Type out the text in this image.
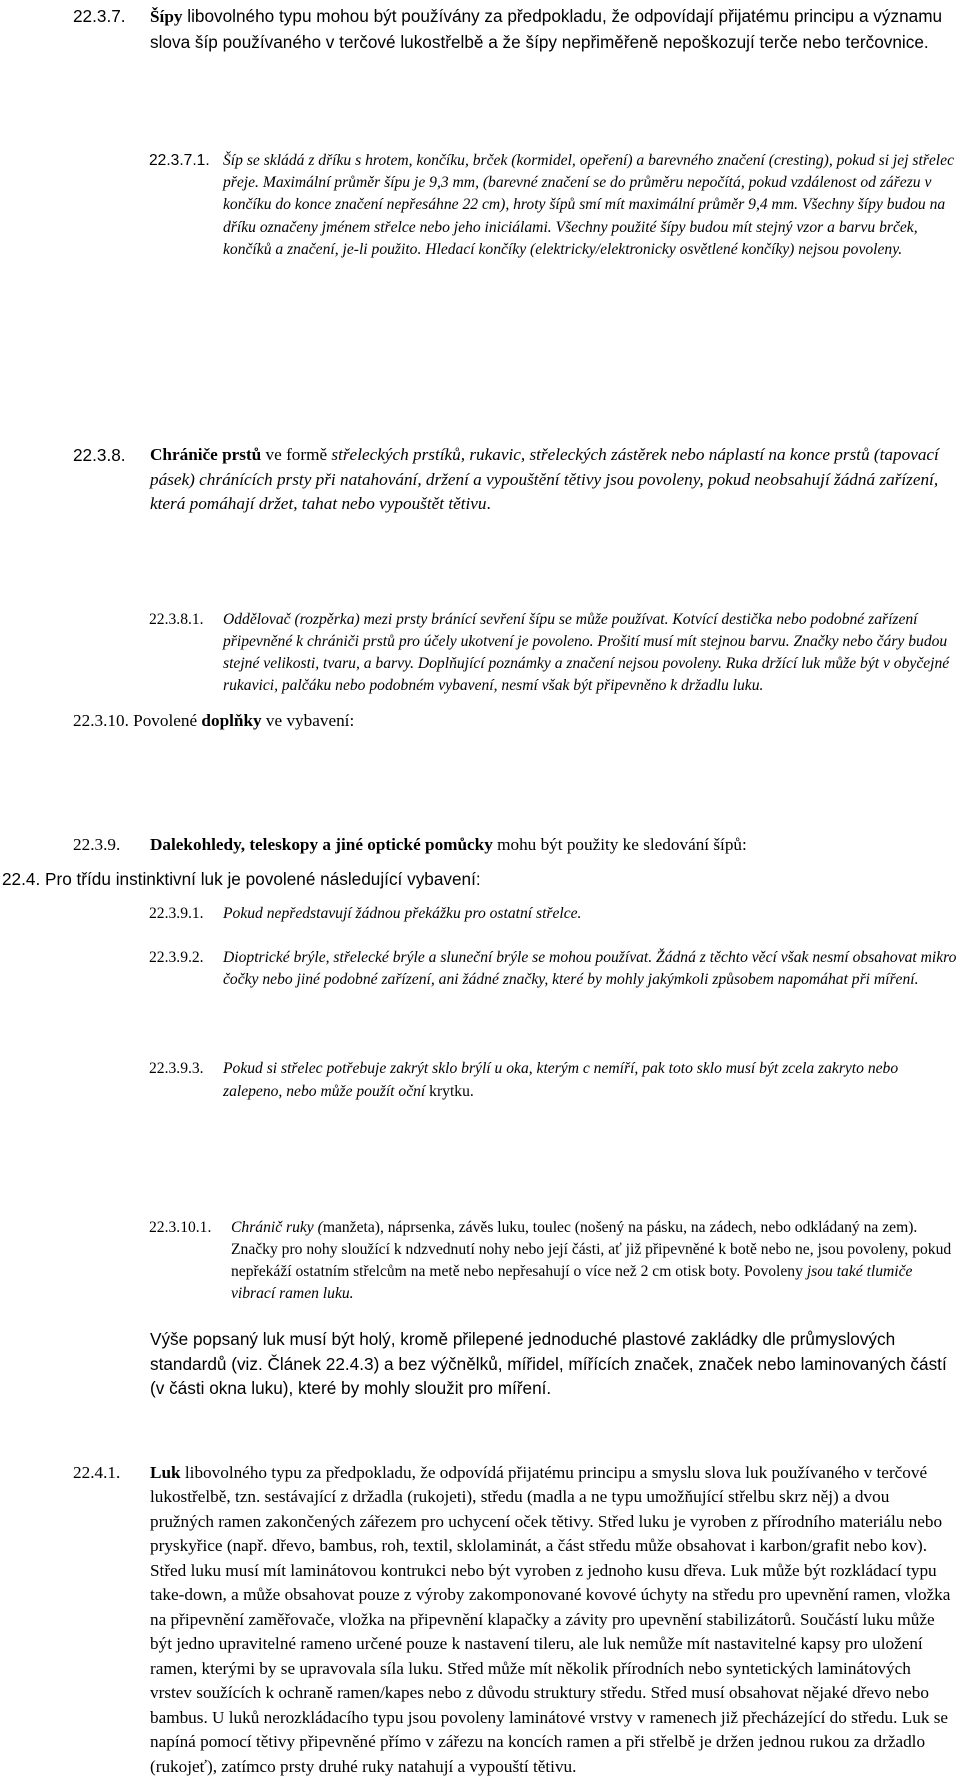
22.3.7. Šípy libovolného typu mohou být používány za předpokladu, že odpovídají přijatému principu a významu slova šíp používaného v terčové lukostřelbě a že šípy nepřiměřeně nepoškozují terče nebo terčovnice.
22.3.7.1. Šíp se skládá z dříku s hrotem, končíku, brček (kormidel, opeření) a barevného značení (cresting), pokud si jej střelec přeje. Maximální průměr šípu je 9,3 mm, (barevné značení se do průměru nepočítá, pokud vzdálenost od zářezu v končíku do konce značení nepřesáhne 22 cm), hroty šípů smí mít maximální průměr 9,4 mm. Všechny šípy budou na dříku označeny jménem střelce nebo jeho iniciálami. Všechny použité šípy budou mít stejný vzor a barvu brček, končíků a značení, je-li použito. Hledací končíky (elektricky/elektronicky osvětlené končíky) nejsou povoleny.
22.3.8. Chrániče prstů ve formě střeleckých prstíků, rukavic, střeleckých zástěrek nebo náplastí na konce prstů (tapovací pásek) chránících prsty při natahování, držení a vypouštění tětivy jsou povoleny, pokud neobsahují žádná zařízení, která pomáhají držet, tahat nebo vypouštět tětivu.
22.3.8.1. Oddělovač (rozpěrka) mezi prsty bránící sevření šípu se může používat. Kotvící destička nebo podobné zařízení připevněné k chrániči prstů pro účely ukotvení je povoleno. Prošití musí mít stejnou barvu. Značky nebo čáry budou stejné velikosti, tvaru, a barvy. Doplňující poznámky a značení nejsou povoleny. Ruka držící luk může být v obyčejné rukavici, palčáku nebo podobném vybavení, nesmí však být připevněno k držadlu luku.
22.3.9. Dalekohledy, teleskopy a jiné optické pomůcky mohu být použity ke sledování šípů:
22.3.9.1. Pokud nepředstavují žádnou překážku pro ostatní střelce.
22.3.9.2. Dioptrické brýle, střelecké brýle a sluneční brýle se mohou používat. Žádná z těchto věcí však nesmí obsahovat mikro čočky nebo jiné podobné zařízení, ani žádné značky, které by mohly jakýmkoli způsobem napomáhat při míření.
22.3.9.3. Pokud si střelec potřebuje zakrýt sklo brýlí u oka, kterým c nemíří, pak toto sklo musí být zcela zakryto nebo zalepeno, nebo může použít oční krytku.
22.3.10. Povolené doplňky ve vybavení:
22.3.10.1. Chránič ruky (manžeta), náprsenka, závěs luku, toulec (nošený na pásku, na zádech, nebo odkládaný na zem). Značky pro nohy sloužící k ndzvednutí nohy nebo její části, ať již připevněné k botě nebo ne, jsou povoleny, pokud nepřekáží ostatním střelcům na metě nebo nepřesahují o více než 2 cm otisk boty. Povoleny jsou také tlumiče vibrací ramen luku.
22.4. Pro třídu instinktivní luk je povolené následující vybavení:
22.4.1. Luk libovolného typu za předpokladu, že odpovídá přijatému principu a smyslu slova luk používaného v terčové lukostřelbě, tzn. sestávající z držadla (rukojeti), středu (madla a ne typu umožňující střelbu skrz něj) a dvou pružných ramen zakončených zářezem pro uchycení oček tětivy. Střed luku je vyroben z přírodního materiálu nebo pryskyřice (např. dřevo, bambus, roh, textil, sklolaminát, a část středu může obsahovat i karbon/grafit nebo kov). Střed luku musí mít laminátovou kontrukci nebo být vyroben z jednoho kusu dřeva. Luk může být rozkládací typu take-down, a může obsahovat pouze z výroby zakomponované kovové úchyty na středu pro upevnění ramen, vložka na připevnění zaměřovače, vložka na připevnění klapačky a závity pro upevnění stabilizátorů. Součástí luku může být jedno upravitelné rameno určené pouze k nastavení tileru, ale luk nemůže mít nastavitelné kapsy pro uložení ramen, kterými by se upravovala síla luku. Střed může mít několik přírodních nebo syntetických laminátových vrstev soužících k ochraně ramen/kapes nebo z důvodu struktury středu. Střed musí obsahovat nějaké dřevo nebo bambus. U luků nerozkládacího typu jsou povoleny laminátové vrstvy v ramenech již přecházející do středu. Luk se napíná pomocí tětivy připevněné přímo v zářezu na koncích ramen a při střelbě je držen jednou rukou za držadlo (rukojeť), zatímco prsty druhé ruky natahují a vypouští tětivu.
Výše popsaný luk musí být holý, kromě přilepené jednoduché plastové zakládky dle průmyslových standardů (viz. Článek 22.4.3) a bez výčnělků, mířidel, mířících značek, značek nebo laminovaných částí (v části okna luku), které by mohly sloužit pro míření.
